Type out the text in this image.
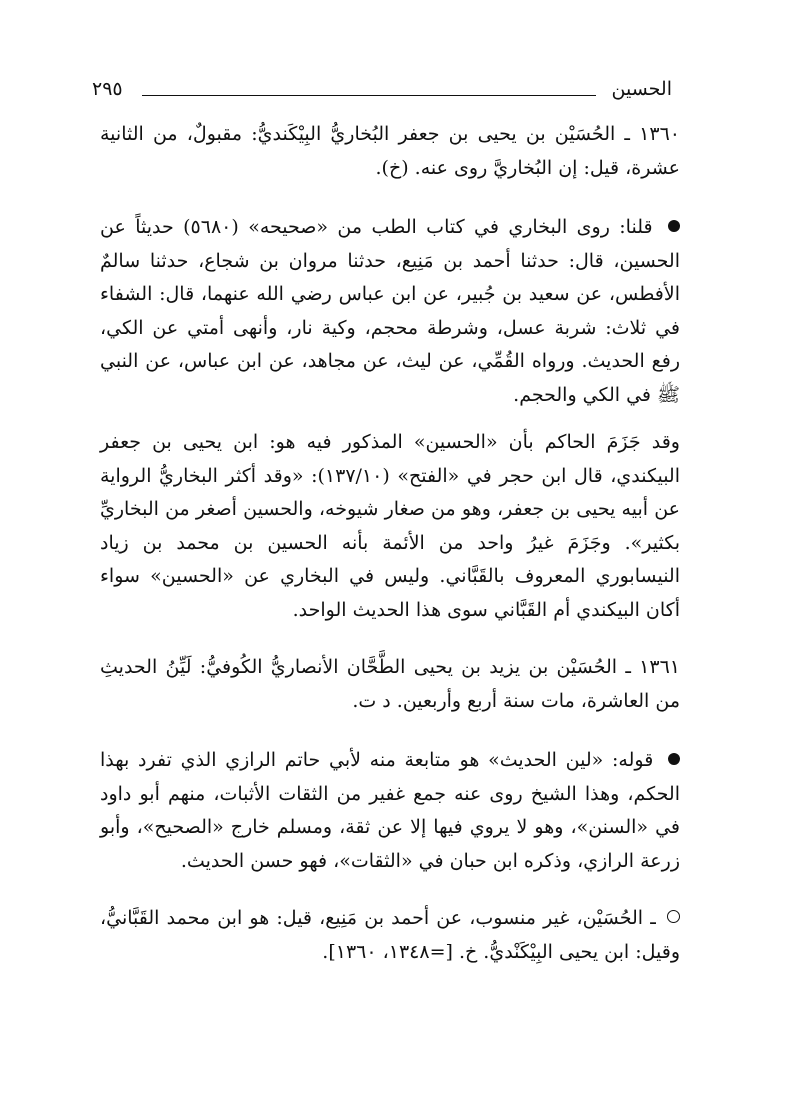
الحسين
٢٩٥

١٣٦٠ ـ الحُسَيْن بن يحيى بن جعفر البُخاريُّ البِيْكَنديُّ: مقبولٌ، من الثانية عشرة، قيل: إن البُخاريَّ روى عنه. (خ).

قلنا: روى البخاري في كتاب الطب من «صحيحه» (٥٦٨٠) حديثاً عن الحسين، قال: حدثنا أحمد بن مَنِيع، حدثنا مروان بن شجاع، حدثنا سالمٌ الأفطس، عن سعيد بن جُبير، عن ابن عباس رضي الله عنهما، قال: الشفاء في ثلاث: شربة عسل، وشرطة محجم، وكية نار، وأنهى أمتي عن الكي، رفع الحديث. ورواه القُمِّي، عن ليث، عن مجاهد، عن ابن عباس، عن النبي ﷺ في الكي والحجم.

وقد جَزَمَ الحاكم بأن «الحسين» المذكور فيه هو: ابن يحيى بن جعفر البيكندي، قال ابن حجر في «الفتح» (١٣٧/١٠): «وقد أكثر البخاريُّ الرواية عن أبيه يحيى بن جعفر، وهو من صغار شيوخه، والحسين أصغر من البخاريِّ بكثير». وجَزَمَ غيرُ واحد من الأئمة بأنه الحسين بن محمد بن زياد النيسابوري المعروف بالقَبَّاني. وليس في البخاري عن «الحسين» سواء أكان البيكندي أم القَبَّاني سوى هذا الحديث الواحد.

١٣٦١ ـ الحُسَيْن بن يزيد بن يحيى الطَّحَّان الأنصاريُّ الكُوفيُّ: لَيِّنُ الحديثِ من العاشرة، مات سنة أربع وأربعين. د ت.

قوله: «لين الحديث» هو متابعة منه لأبي حاتم الرازي الذي تفرد بهذا الحكم، وهذا الشيخ روى عنه جمع غفير من الثقات الأثبات، منهم أبو داود في «السنن»، وهو لا يروي فيها إلا عن ثقة، ومسلم خارج «الصحيح»، وأبو زرعة الرازي، وذكره ابن حبان في «الثقات»، فهو حسن الحديث.

ـ الحُسَيْن، غير منسوب، عن أحمد بن مَنِيع، قيل: هو ابن محمد القَبَّانيُّ، وقيل: ابن يحيى البِيْكَنْديُّ. خ. [=١٣٤٨، ١٣٦٠].
